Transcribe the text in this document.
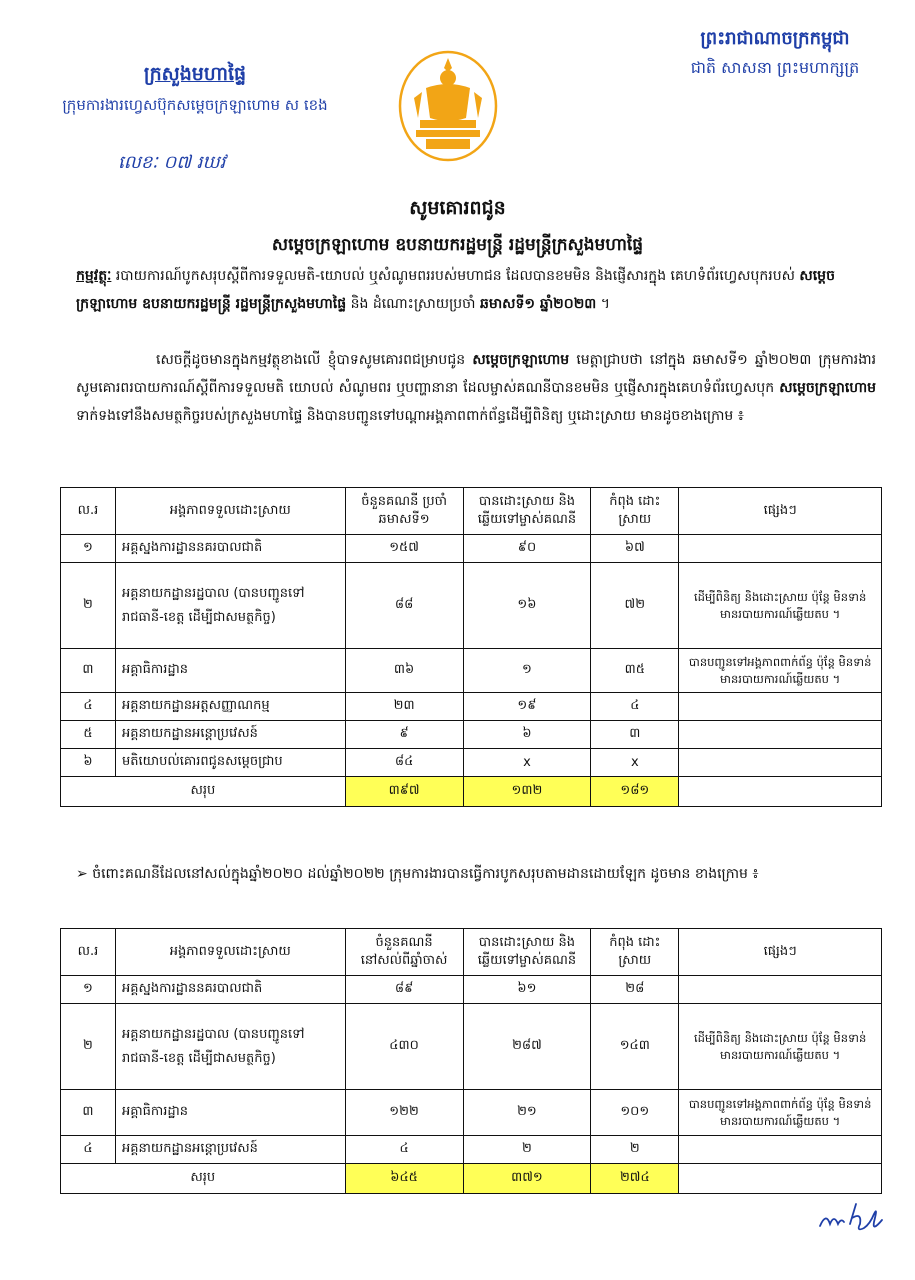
ក្រសួងមហាផ្ទៃ
ក្រុមការងារហ្វេសប៊ុកសម្តេចក្រឡាហោម ស ខេង
លេខៈ ០៧ រឃវ
ព្រះរាជាណាចក្រកម្ពុជា
ជាតិ សាសនា ព្រះមហាក្សត្រ
សូមគោរពជូន
សម្តេចក្រឡាហោម ឧបនាយករដ្ឋមន្ត្រី រដ្ឋមន្ត្រីក្រសួងមហាផ្ទៃ
កម្មវត្ថុៈ របាយការណ៍បូកសរុបស្តីពីការទទួលមតិ-យោបល់ ឬសំណូមពររបស់មហាជន ដែលបានខមមិន និងផ្ញើសារក្នុង គេហទំព័រហ្វេសបុករបស់ សម្តេចក្រឡាហោម ឧបនាយករដ្ឋមន្ត្រី រដ្ឋមន្ត្រីក្រសួងមហាផ្ទៃ និង ដំណោះស្រាយប្រចាំ ឆមាសទី១ ឆ្នាំ២០២៣ ។
សេចក្តីដូចមានក្នុងកម្មវត្ថុខាងលើ ខ្ញុំបាទសូមគោរពជម្រាបជូន សម្តេចក្រឡាហោម មេត្តាជ្រាបថា នៅក្នុង ឆមាសទី១ ឆ្នាំ២០២៣ ក្រុមការងារសូមគោរពរបាយការណ៍ស្តីពីការទទួលមតិ យោបល់ សំណូមពរ ឬបញ្ហានានា ដែលម្ចាស់គណនីបានខមមិន ឬផ្ញើសារក្នុងគេហទំព័រហ្វេសបុក សម្តេចក្រឡាហោម ទាក់ទងទៅនឹងសមត្ថកិច្ចរបស់ក្រសួងមហាផ្ទៃ និងបានបញ្ជូនទៅបណ្តាអង្គភាពពាក់ព័ន្ធដើម្បីពិនិត្យ ឬដោះស្រាយ មានដូចខាងក្រោម ៖
ល.រ	អង្គភាពទទួលដោះស្រាយ	ចំនួនគណនី ប្រចាំឆមាសទី១	បានដោះស្រាយ និង ឆ្លើយទៅម្ចាស់គណនី	កំពុង ដោះស្រាយ	ផ្សេងៗ
១	អគ្គស្នងការដ្ឋាននគរបាលជាតិ	១៥៧	៩០	៦៧	
២	អគ្គនាយកដ្ឋានរដ្ឋបាល (បានបញ្ជូនទៅរាជធានី-ខេត្ត ដើម្បីជាសមត្ថកិច្ច)	៨៨	១៦	៧២	ដើម្បីពិនិត្យ និងដោះស្រាយ ប៉ុន្តែ មិនទាន់មានរបាយការណ៍ឆ្លើយតប ។
៣	អគ្គាធិការដ្ឋាន	៣៦	១	៣៥	បានបញ្ជូនទៅអង្គភាពពាក់ព័ន្ធ ប៉ុន្តែ មិនទាន់មានរបាយការណ៍ឆ្លើយតប ។
៤	អគ្គនាយកដ្ឋានអត្តសញ្ញាណកម្ម	២៣	១៩	៤	
៥	អគ្គនាយកដ្ឋានអន្តោប្រវេសន៍	៩	៦	៣	
៦	មតិយោបល់គោរពជូនសម្តេចជ្រាប	៨៤	x	x	
សរុប		៣៩៧	១៣២	១៨១	
➢ ចំពោះគណនីដែលនៅសល់ក្នុងឆ្នាំ២០២០ ដល់ឆ្នាំ២០២២ ក្រុមការងារបានធ្វើការបូកសរុបតាមដានដោយឡែក ដូចមាន ខាងក្រោម ៖
ល.រ	អង្គភាពទទួលដោះស្រាយ	ចំនួនគណនី នៅសល់ពីឆ្នាំចាស់	បានដោះស្រាយ និង ឆ្លើយទៅម្ចាស់គណនី	កំពុង ដោះស្រាយ	ផ្សេងៗ
១	អគ្គស្នងការដ្ឋាននគរបាលជាតិ	៨៩	៦១	២៨	
២	អគ្គនាយកដ្ឋានរដ្ឋបាល (បានបញ្ជូនទៅរាជធានី-ខេត្ត ដើម្បីជាសមត្ថកិច្ច)	៤៣០	២៨៧	១៤៣	ដើម្បីពិនិត្យ និងដោះស្រាយ ប៉ុន្តែ មិនទាន់មានរបាយការណ៍ឆ្លើយតប ។
៣	អគ្គាធិការដ្ឋាន	១២២	២១	១០១	បានបញ្ជូនទៅអង្គភាពពាក់ព័ន្ធ ប៉ុន្តែ មិនទាន់មានរបាយការណ៍ឆ្លើយតប ។
៤	អគ្គនាយកដ្ឋានអន្តោប្រវេសន៍	៤	២	២	
សរុប		៦៤៥	៣៧១	២៧៤	
